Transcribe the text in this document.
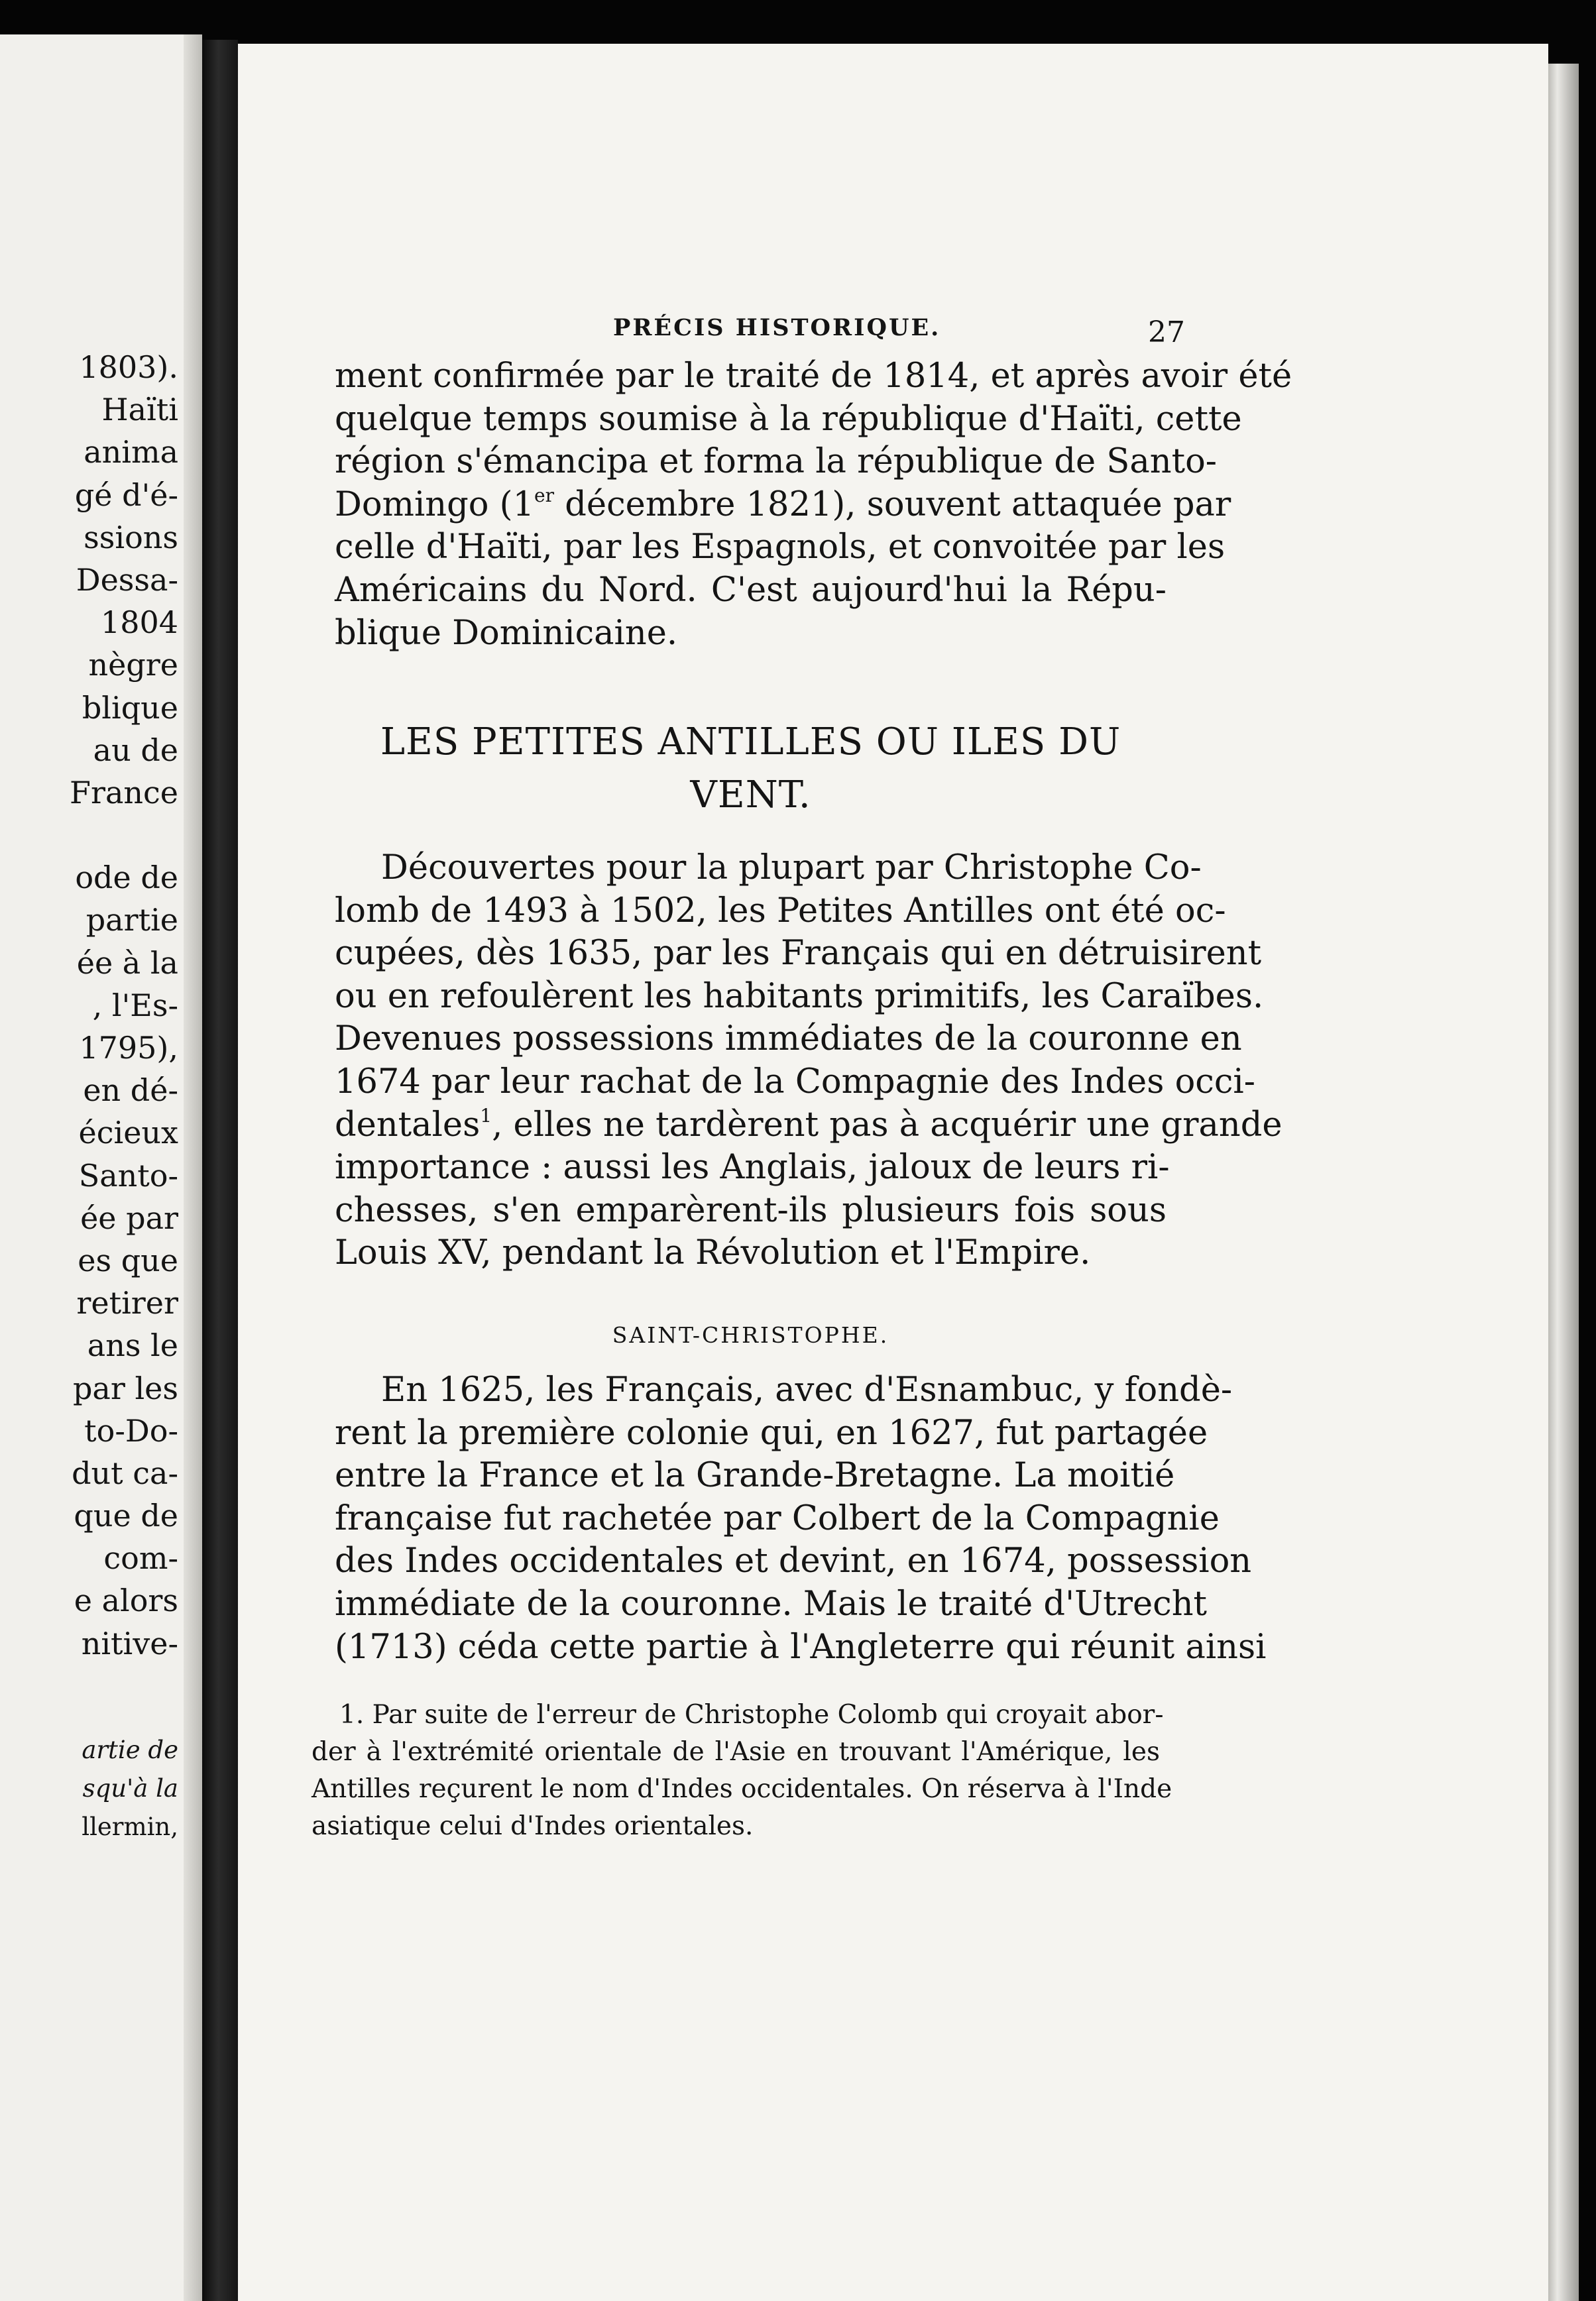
1803).
Haïti
anima
gé d'é-
ssions
Dessa-
1804
nègre
blique
au de
France
ode de
partie
ée à la
, l'Es-
1795),
en dé-
écieux
Santo-
ée par
es que
retirer
ans le
par les
to-Do-
dut ca-
que de
com-
e alors
nitive-
artie de
squ'à la
llermin,
PRÉCIS HISTORIQUE.	27
ment confirmée par le traité de 1814, et après avoir été
quelque temps soumise à la république d'Haïti, cette
région s'émancipa et forma la république de Santo-
Domingo (1er décembre 1821), souvent attaquée par
celle d'Haïti, par les Espagnols, et convoitée par les
Américains du Nord. C'est aujourd'hui la Répu-
blique Dominicaine.
LES PETITES ANTILLES OU ILES DU
VENT.
Découvertes pour la plupart par Christophe Co-
lomb de 1493 à 1502, les Petites Antilles ont été oc-
cupées, dès 1635, par les Français qui en détruisirent
ou en refoulèrent les habitants primitifs, les Caraïbes.
Devenues possessions immédiates de la couronne en
1674 par leur rachat de la Compagnie des Indes occi-
dentales$^1$, elles ne tardèrent pas à acquérir une grande
importance : aussi les Anglais, jaloux de leurs ri-
chesses, s'en emparèrent-ils plusieurs fois sous
Louis XV, pendant la Révolution et l'Empire.
SAINT-CHRISTOPHE.
En 1625, les Français, avec d'Esnambuc, y fondè-
rent la première colonie qui, en 1627, fut partagée
entre la France et la Grande-Bretagne. La moitié
française fut rachetée par Colbert de la Compagnie
des Indes occidentales et devint, en 1674, possession
immédiate de la couronne. Mais le traité d'Utrecht
(1713) céda cette partie à l'Angleterre qui réunit ainsi
1. Par suite de l'erreur de Christophe Colomb qui croyait abor-
der à l'extrémité orientale de l'Asie en trouvant l'Amérique, les
Antilles reçurent le nom d'Indes occidentales. On réserva à l'Inde
asiatique celui d'Indes orientales.
